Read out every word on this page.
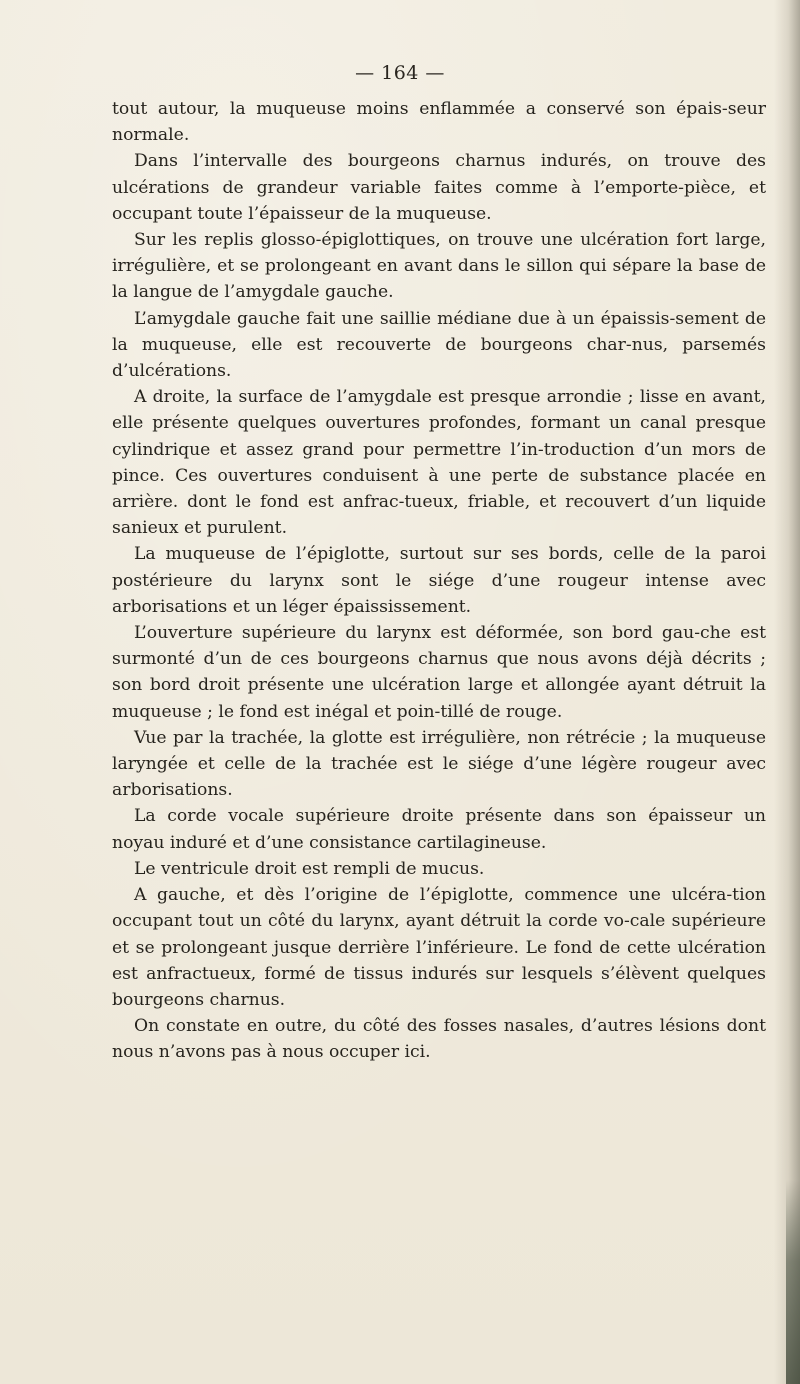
— 164 —

tout autour, la muqueuse moins enflammée a conservé son épais-seur normale.

Dans l’intervalle des bourgeons charnus indurés, on trouve des ulcérations de grandeur variable faites comme à l’emporte-pièce, et occupant toute l’épaisseur de la muqueuse.

Sur les replis glosso-épiglottiques, on trouve une ulcération fort large, irrégulière, et se prolongeant en avant dans le sillon qui sépare la base de la langue de l’amygdale gauche.

L’amygdale gauche fait une saillie médiane due à un épaissis-sement de la muqueuse, elle est recouverte de bourgeons char-nus, parsemés d’ulcérations.

A droite, la surface de l’amygdale est presque arrondie ; lisse en avant, elle présente quelques ouvertures profondes, formant un canal presque cylindrique et assez grand pour permettre l’in-troduction d’un mors de pince. Ces ouvertures conduisent à une perte de substance placée en arrière. dont le fond est anfrac-tueux, friable, et recouvert d’un liquide sanieux et purulent.

La muqueuse de l’épiglotte, surtout sur ses bords, celle de la paroi postérieure du larynx sont le siége d’une rougeur intense avec arborisations et un léger épaississement.

L’ouverture supérieure du larynx est déformée, son bord gau-che est surmonté d’un de ces bourgeons charnus que nous avons déjà décrits ; son bord droit présente une ulcération large et allongée ayant détruit la muqueuse ; le fond est inégal et poin-tillé de rouge.

Vue par la trachée, la glotte est irrégulière, non rétrécie ; la muqueuse laryngée et celle de la trachée est le siége d’une légère rougeur avec arborisations.

La corde vocale supérieure droite présente dans son épaisseur un noyau induré et d’une consistance cartilagineuse.

Le ventricule droit est rempli de mucus.

A gauche, et dès l’origine de l’épiglotte, commence une ulcéra-tion occupant tout un côté du larynx, ayant détruit la corde vo-cale supérieure et se prolongeant jusque derrière l’inférieure. Le fond de cette ulcération est anfractueux, formé de tissus indurés sur lesquels s’élèvent quelques bourgeons charnus.

On constate en outre, du côté des fosses nasales, d’autres lésions dont nous n’avons pas à nous occuper ici.
